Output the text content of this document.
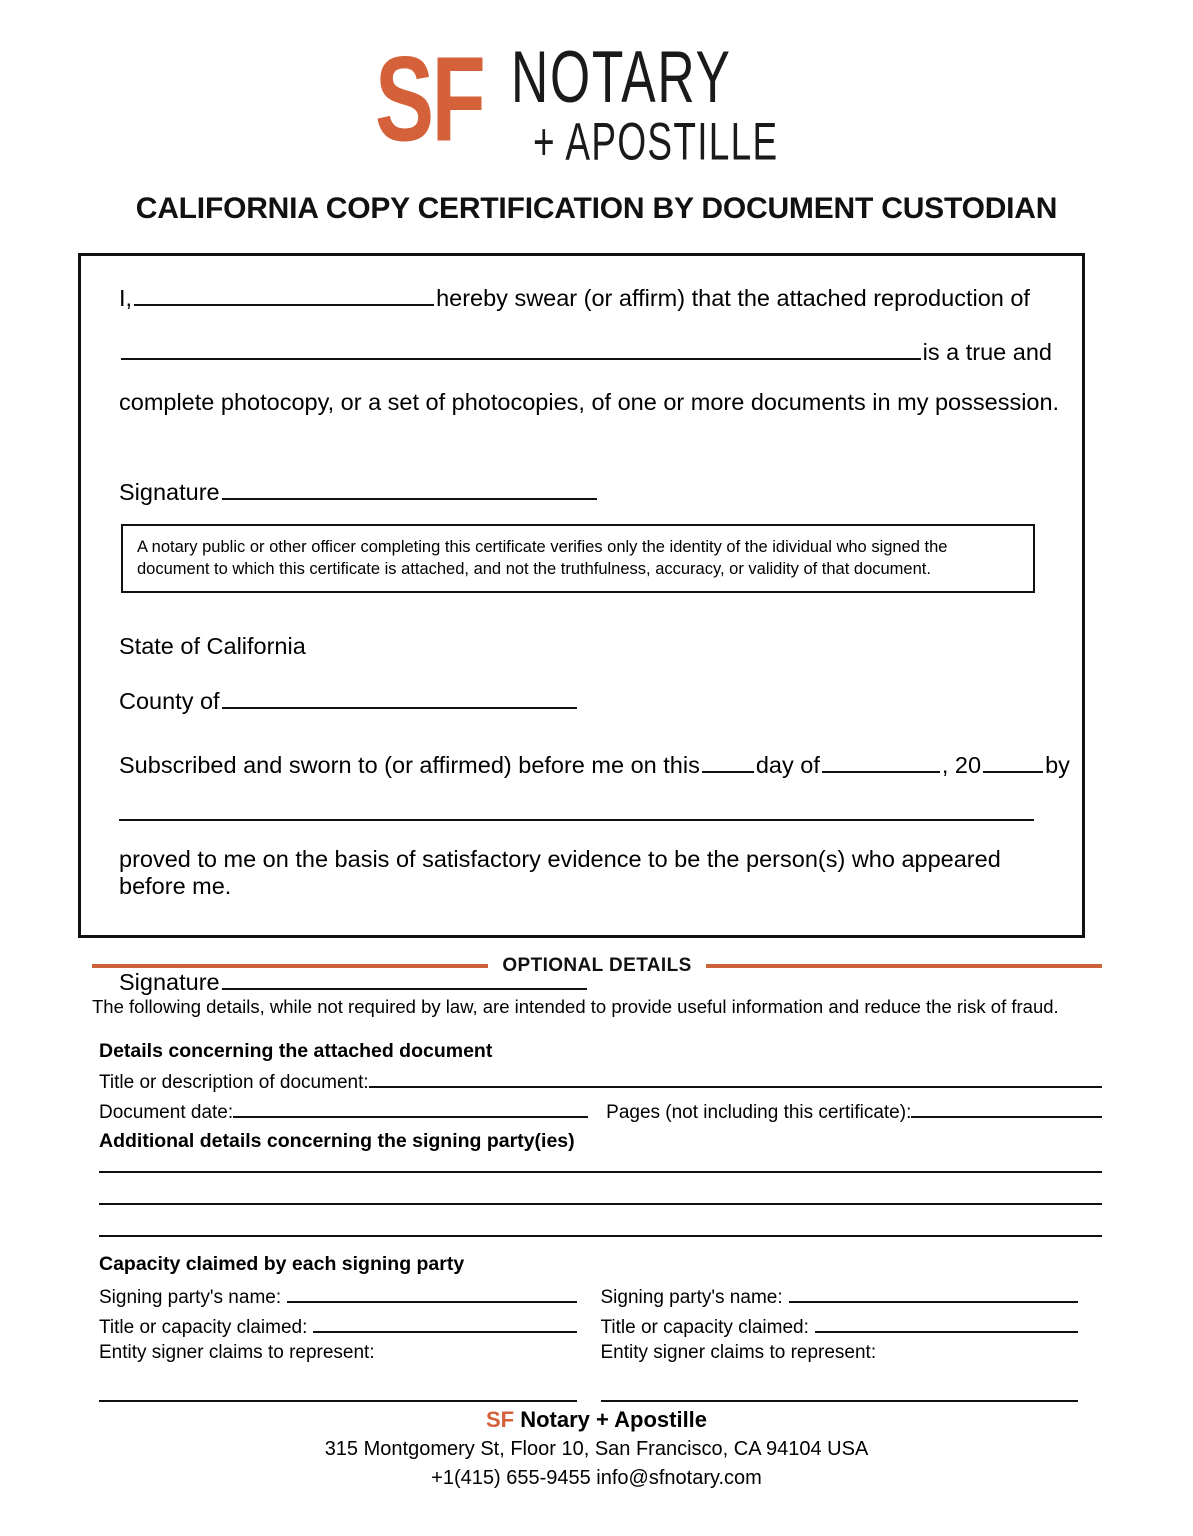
SF NOTARY
+ APOSTILLE
CALIFORNIA COPY CERTIFICATION BY DOCUMENT CUSTODIAN
I,	hereby swear (or affirm) that the attached reproduction of
is a true and
complete photocopy, or a set of photocopies, of one or more documents in my possession.
Signature
A notary public or other officer completing this certificate verifies only the identity of the idividual who signed the document to which this certificate is attached, and not the truthfulness, accuracy, or validity of that document.
State of California
County of
Subscribed and sworn to (or affirmed) before me on this day of	, 20	by
proved to me on the basis of satisfactory evidence to be the person(s) who appeared before me.
Signature
OPTIONAL DETAILS
The following details, while not required by law, are intended to provide useful information and reduce the risk of fraud.
Details concerning the attached document
Title or description of document:
Document date:	Pages (not including this certificate):
Additional details concerning the signing party(ies)
Capacity claimed by each signing party
Signing party's name:
Title or capacity claimed:
Entity signer claims to represent:
Signing party's name:
Title or capacity claimed:
Entity signer claims to represent:
SF Notary + Apostille
315 Montgomery St, Floor 10, San Francisco, CA 94104 USA
+1(415) 655-9455 info@sfnotary.com
